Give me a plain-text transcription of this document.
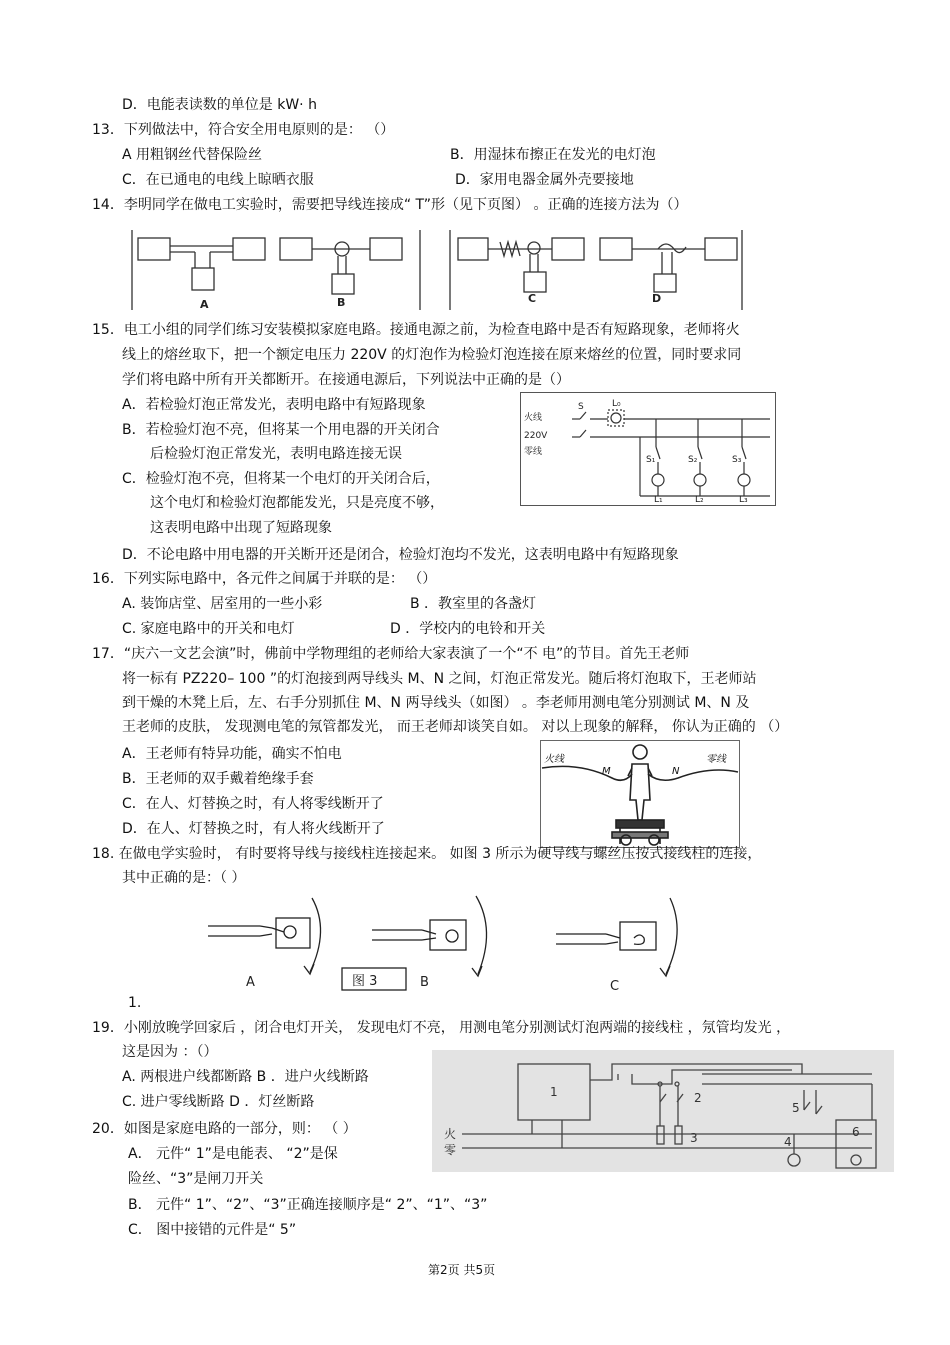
D．电能表读数的单位是 kW· h
13．下列做法中，符合安全用电原则的是： （）
A 用粗钢丝代替保险丝	B．用湿抹布擦正在发光的电灯泡
C．在已通电的电线上晾晒衣服	D．家用电器金属外壳要接地
14．李明同学在做电工实验时，需要把导线连接成“ T”形（见下页图） 。正确的连接方法为（）
A	B	C	D
15．电工小组的同学们练习安装模拟家庭电路。接通电源之前，为检查电路中是否有短路现象，老师将火
线上的熔丝取下，把一个额定电压力 220V 的灯泡作为检验灯泡连接在原来熔丝的位置，同时要求同
学们将电路中所有开关都断开。在接通电源后，下列说法中正确的是（）
A．若检验灯泡正常发光，表明电路中有短路现象
B．若检验灯泡不亮，但将某一个用电器的开关闭合
后检验灯泡正常发光，表明电路连接无误
C．检验灯泡不亮，但将某一个电灯的开关闭合后，
这个电灯和检验灯泡都能发光，只是亮度不够，
这表明电路中出现了短路现象
火线
220V
零线
S	L₀
S₁	S₂	S₃
L₁	L₂	L₃
D．不论电路中用电器的开关断开还是闭合，检验灯泡均不发光，这表明电路中有短路现象
16．下列实际电路中，各元件之间属于并联的是： （）
A. 装饰店堂、居室用的一些小彩	B ．教室里的各盏灯
C. 家庭电路中的开关和电灯	D ．学校内的电铃和开关
17．“庆六一文艺会演”时，佛前中学物理组的老师给大家表演了一个“不 电”的节目。首先王老师
将一标有 PZ220– 100 ”的灯泡接到两导线头 M、N 之间，灯泡正常发光。随后将灯泡取下，王老师站
到干燥的木凳上后，左、右手分别抓住 M、N 两导线头（如图） 。李老师用测电笔分别测试 M、N 及
王老师的皮肤， 发现测电笔的氖管都发光， 而王老师却谈笑自如。 对以上现象的解释， 你认为正确的 （）
A．王老师有特异功能，确实不怕电
B．王老师的双手戴着绝缘手套
C．在人、灯替换之时，有人将零线断开了
D．在人、灯替换之时，有人将火线断开了
火线
M	N
零线
18. 在做电学实验时， 有时要将导线与接线柱连接起来。 如图 3 所示为硬导线与螺丝压按式接线柱的连接，
其中正确的是：（ ）
A	图 3	B	C
1.
19．小刚放晚学回家后 ，闭合电灯开关， 发现电灯不亮， 用测电笔分别测试灯泡两端的接线柱 ，氖管均发光 ，
这是因为 ：（）
A. 两根进户线都断路 B ．进户火线断路
C. 进户零线断路 D ．灯丝断路
火
零
1	2
3	4
5
6
20．如图是家庭电路的一部分，则： （ ）
A． 元件“ 1”是电能表、 “2”是保
险丝、“3”是闸刀开关
B． 元件“ 1”、“2”、“3”正确连接顺序是“ 2”、“1”、“3”
C． 图中接错的元件是“ 5”
第2页 共5页
